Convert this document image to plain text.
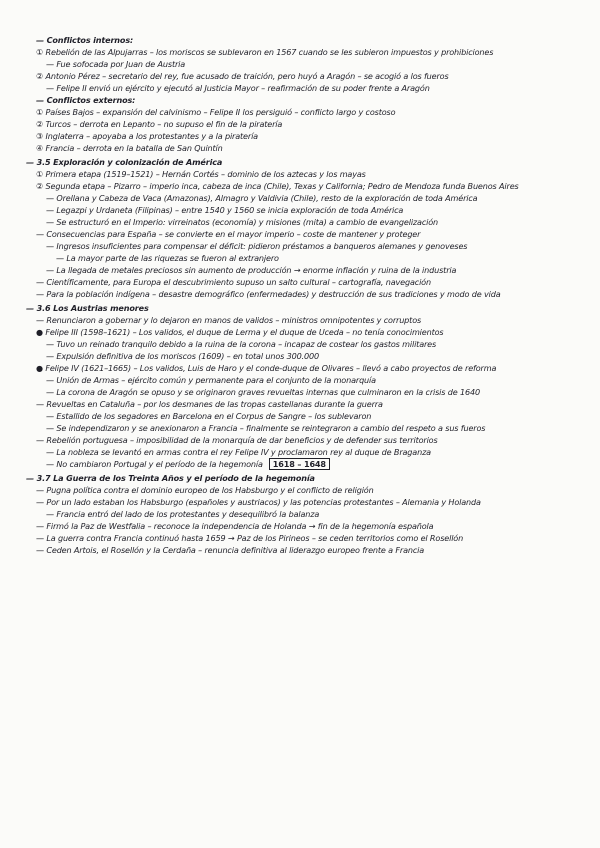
— Conflictos internos:
① Rebelión de las Alpujarras – los moriscos se sublevaron en 1567 cuando se les subieron impuestos y prohibiciones
— Fue sofocada por Juan de Austria
② Antonio Pérez – secretario del rey, fue acusado de traición, pero huyó a Aragón – se acogió a los fueros
— Felipe II envió un ejército y ejecutó al Justicia Mayor – reafirmación de su poder frente a Aragón
— Conflictos externos:
① Países Bajos – expansión del calvinismo – Felipe II los persiguió – conflicto largo y costoso
② Turcos – derrota en Lepanto – no supuso el fin de la piratería
③ Inglaterra – apoyaba a los protestantes y a la piratería
④ Francia – derrota en la batalla de San Quintín
— 3.5 Exploración y colonización de América
① Primera etapa (1519–1521) – Hernán Cortés – dominio de los aztecas y los mayas
② Segunda etapa – Pizarro – imperio inca, cabeza de inca (Chile), Texas y California; Pedro de Mendoza funda Buenos Aires
— Orellana y Cabeza de Vaca (Amazonas), Almagro y Valdivia (Chile), resto de la exploración de toda América
— Legazpi y Urdaneta (Filipinas) – entre 1540 y 1560 se inicia exploración de toda América
— Se estructuró en el Imperio: virreinatos (economía) y misiones (mita) a cambio de evangelización
— Consecuencias para España – se convierte en el mayor imperio – coste de mantener y proteger
— Ingresos insuficientes para compensar el déficit: pidieron préstamos a banqueros alemanes y genoveses
— La mayor parte de las riquezas se fueron al extranjero
— La llegada de metales preciosos sin aumento de producción → enorme inflación y ruina de la industria
— Científicamente, para Europa el descubrimiento supuso un salto cultural – cartografía, navegación
— Para la población indígena – desastre demográfico (enfermedades) y destrucción de sus tradiciones y modo de vida
— 3.6 Los Austrias menores
— Renunciaron a gobernar y lo dejaron en manos de validos – ministros omnipotentes y corruptos
● Felipe III (1598–1621) – Los validos, el duque de Lerma y el duque de Uceda – no tenía conocimientos
— Tuvo un reinado tranquilo debido a la ruina de la corona – incapaz de costear los gastos militares
— Expulsión definitiva de los moriscos (1609) – en total unos 300.000
● Felipe IV (1621–1665) – Los validos, Luis de Haro y el conde-duque de Olivares – llevó a cabo proyectos de reforma
— Unión de Armas – ejército común y permanente para el conjunto de la monarquía
— La corona de Aragón se opuso y se originaron graves revueltas internas que culminaron en la crisis de 1640
— Revueltas en Cataluña – por los desmanes de las tropas castellanas durante la guerra
— Estallido de los segadores en Barcelona en el Corpus de Sangre – los sublevaron
— Se independizaron y se anexionaron a Francia – finalmente se reintegraron a cambio del respeto a sus fueros
— Rebelión portuguesa – imposibilidad de la monarquía de dar beneficios y de defender sus territorios
— La nobleza se levantó en armas contra el rey Felipe IV y proclamaron rey al duque de Braganza
— No cambiaron Portugal y el período de la hegemonía 1618 – 1648
— 3.7 La Guerra de los Treinta Años y el período de la hegemonía
— Pugna política contra el dominio europeo de los Habsburgo y el conflicto de religión
— Por un lado estaban los Habsburgo (españoles y austriacos) y las potencias protestantes – Alemania y Holanda
— Francia entró del lado de los protestantes y desequilibró la balanza
— Firmó la Paz de Westfalia – reconoce la independencia de Holanda → fin de la hegemonía española
— La guerra contra Francia continuó hasta 1659 → Paz de los Pirineos – se ceden territorios como el Rosellón
— Ceden Artois, el Rosellón y la Cerdaña – renuncia definitiva al liderazgo europeo frente a Francia
